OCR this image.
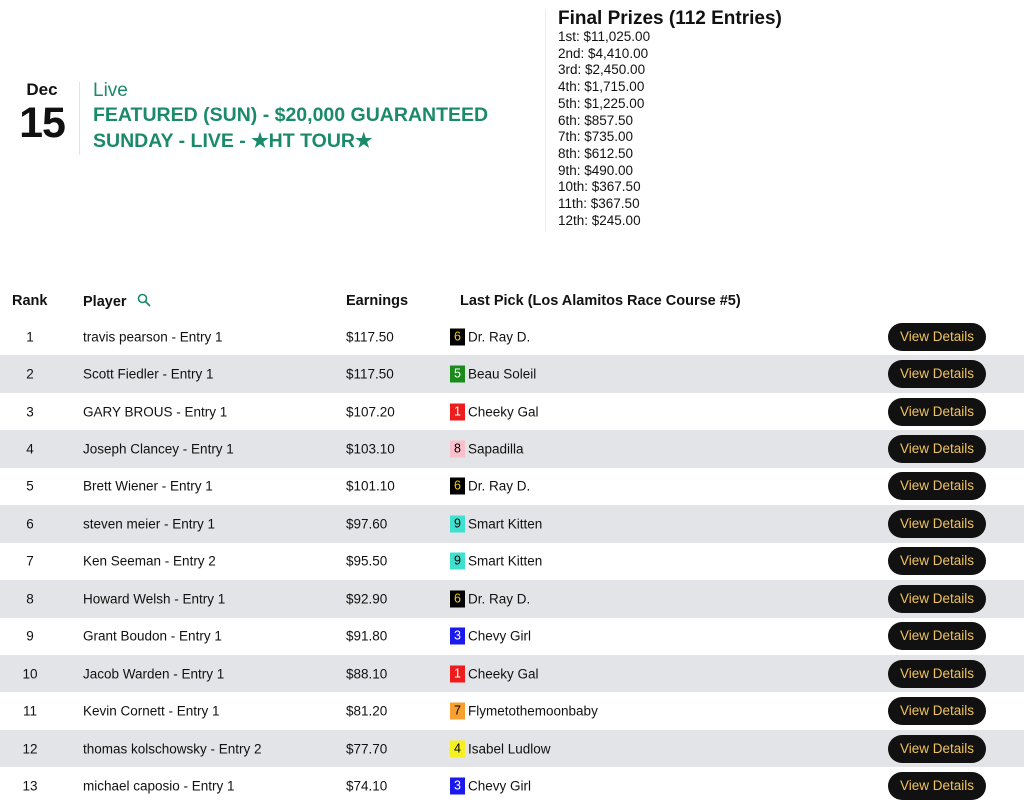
Dec
15
Live
FEATURED (SUN) - $20,000 GUARANTEED
SUNDAY - LIVE - ★HT TOUR★
Final Prizes (112 Entries)
1st: $11,025.00
2nd: $4,410.00
3rd: $2,450.00
4th: $1,715.00
5th: $1,225.00
6th: $857.50
7th: $735.00
8th: $612.50
9th: $490.00
10th: $367.50
11th: $367.50
12th: $245.00
Rank Player	Earnings	Last Pick (Los Alamitos Race Course #5)
1	travis pearson - Entry 1	$117.50	6 Dr. Ray D.	View Details
2	Scott Fiedler - Entry 1	$117.50	5 Beau Soleil	View Details
3	GARY BROUS - Entry 1	$107.20	1 Cheeky Gal	View Details
4	Joseph Clancey - Entry 1	$103.10	8 Sapadilla	View Details
5	Brett Wiener - Entry 1	$101.10	6 Dr. Ray D.	View Details
6	steven meier - Entry 1	$97.60	9 Smart Kitten	View Details
7	Ken Seeman - Entry 2	$95.50	9 Smart Kitten	View Details
8	Howard Welsh - Entry 1	$92.90	6 Dr. Ray D.	View Details
9	Grant Boudon - Entry 1	$91.80	3 Chevy Girl	View Details
10	Jacob Warden - Entry 1	$88.10	1 Cheeky Gal	View Details
11	Kevin Cornett - Entry 1	$81.20	7 Flymetothemoonbaby	View Details
12	thomas kolschowsky - Entry 2	$77.70	4 Isabel Ludlow	View Details
13	michael caposio - Entry 1	$74.10	3 Chevy Girl	View Details
